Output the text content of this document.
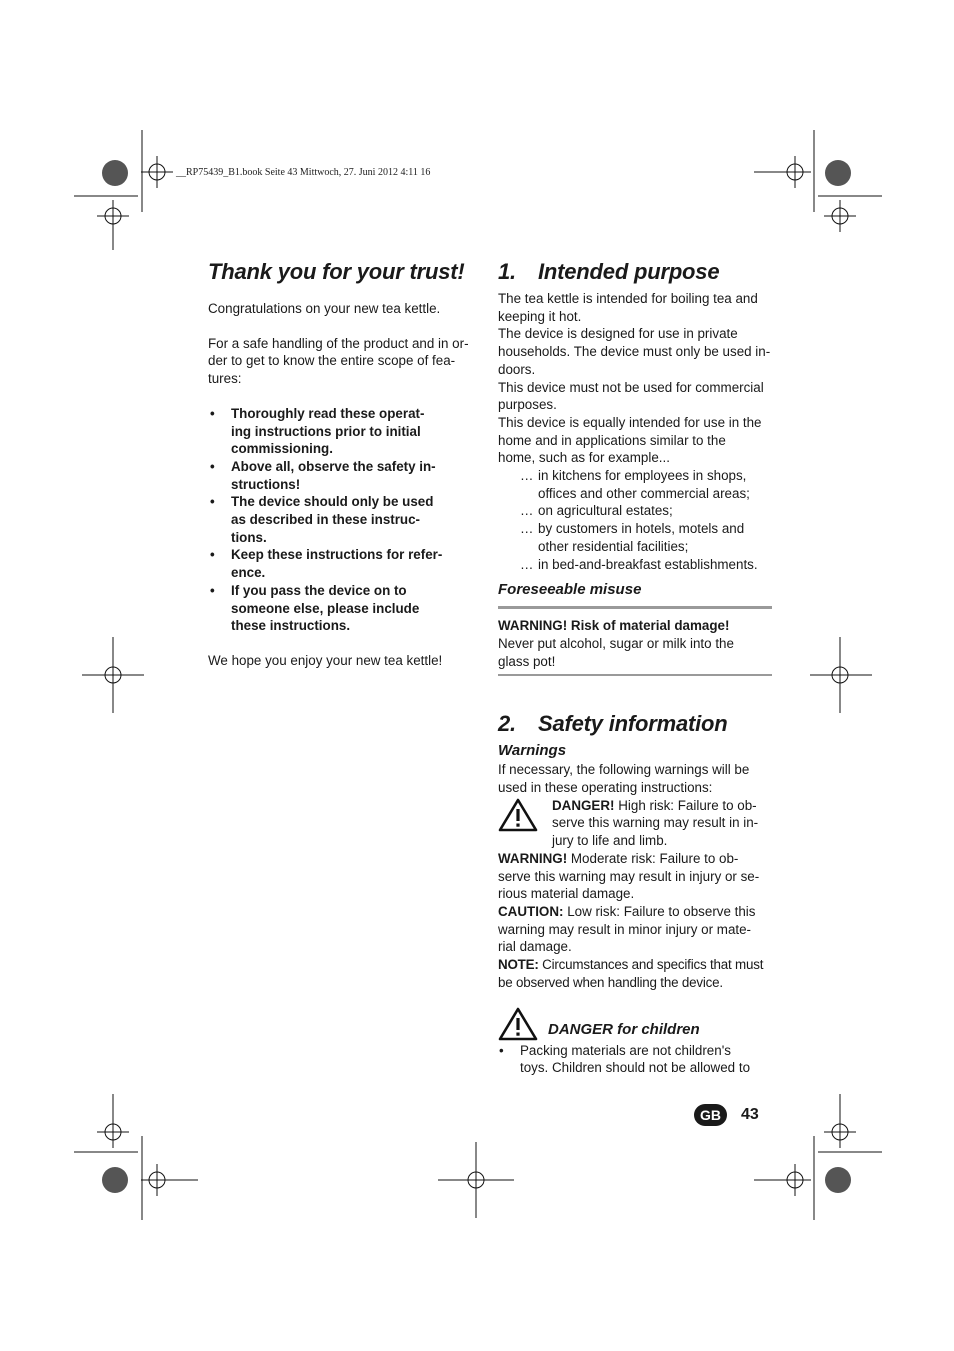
__RP75439_B1.book Seite 43 Mittwoch, 27. Juni 2012 4:11 16
Thank you for your trust!

Congratulations on your new tea kettle.

For a safe handling of the product and in or-
der to get to know the entire scope of fea-
tures:

• Thoroughly read these operat-
ing instructions prior to initial
commissioning.
• Above all, observe the safety in-
structions!
• The device should only be used
as described in these instruc-
tions.
• Keep these instructions for refer-
ence.
• If you pass the device on to
someone else, please include
these instructions.

We hope you enjoy your new tea kettle!

1. Intended purpose

The tea kettle is intended for boiling tea and
keeping it hot.
The device is designed for use in private
households. The device must only be used in-
doors.
This device must not be used for commercial
purposes.
This device is equally intended for use in the
home and in applications similar to the
home, such as for example...

… in kitchens for employees in shops,
offices and other commercial areas;
… on agricultural estates;
… by customers in hotels, motels and
other residential facilities;
… in bed-and-breakfast establishments.
Foreseeable misuse

WARNING! Risk of material damage!

Never put alcohol, sugar or milk into the
glass pot!

2. Safety information
Warnings

If necessary, the following warnings will be
used in these operating instructions:

DANGER! High risk: Failure to ob-
serve this warning may result in in-
jury to life and limb.

WARNING! Moderate risk: Failure to ob-
serve this warning may result in injury or se-
rious material damage.

CAUTION: Low risk: Failure to observe this
warning may result in minor injury or mate-
rial damage.

NOTE: Circumstances and specifics that must
be observed when handling the device.

DANGER for children
• Packing materials are not children's
toys. Children should not be allowed to
GB	43
